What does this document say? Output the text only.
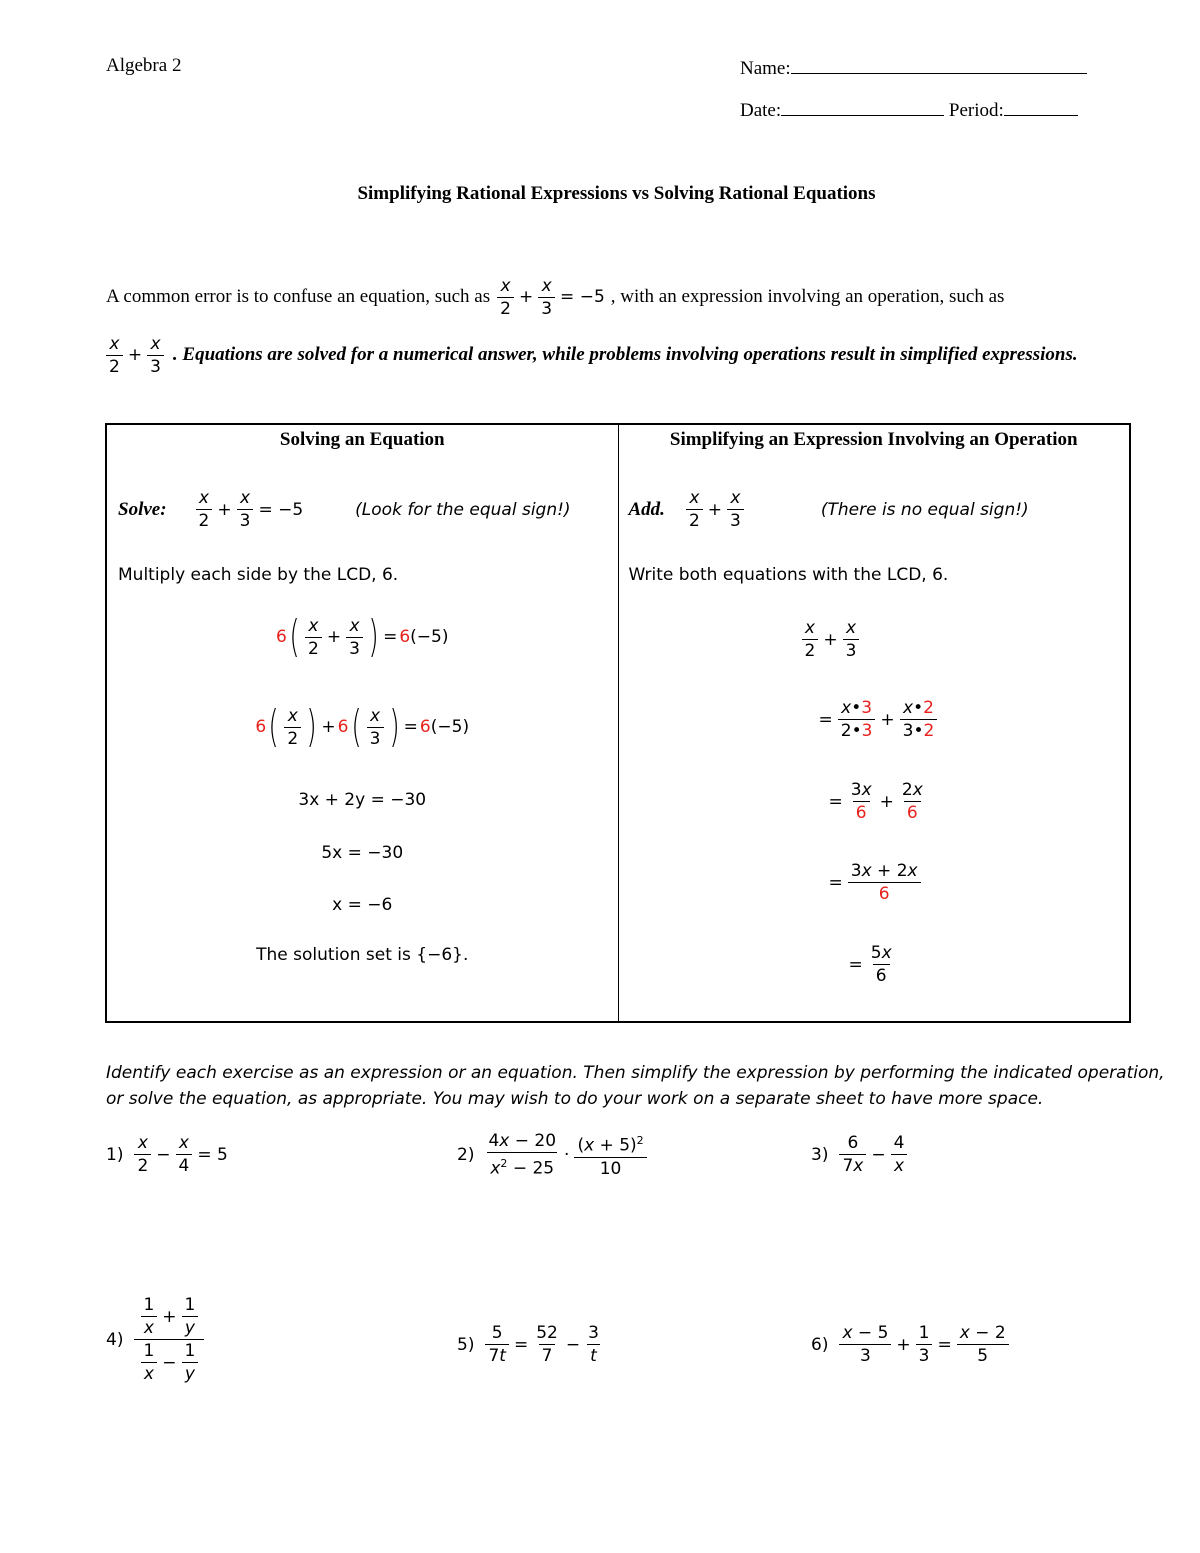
Algebra 2	Name:
Date:	Period:
Simplifying Rational Expressions vs Solving Rational Equations
A common error is to confuse an equation, such as
x
2
+ $\frac{x}{3} = -5$ , with an expression involving an operation, such as
x
2
+ $\frac{x}{3}$ . Equations are solved for a numerical answer, while problems involving operations result in simplified expressions.
Solving an Equation
Solve:
x
2
+ $\frac{x}{3} = -5$	(Look for the equal sign!)
Multiply each side by the LCD, 6.
6 ( x
2
+ $\frac{x}{3}$ ) = 6 (−5)
6 ( x
2 ) + 6 ( x
3 ) = 6 (−5)
3x + 2y = −30
5x = −30
x = −6
The solution set is {−6}.

Simplifying an Expression Involving an Operation
Add.
x
2
+ $\frac{x}{3}$	(There is no equal sign!)
Write both equations with the LCD, 6.
x
2
+ $\frac{x}{3}$
= $\frac{x•3}{2•3} + \frac{x•2}{3•2}$
= $\frac{3x}{6} + \frac{2x}{6}$
= $\frac{3x + 2x}{6}$
= $\frac{5x}{6}$
Identify each exercise as an expression or an equation. Then simplify the expression by performing the indicated operation, or solve the equation, as appropriate. You may wish to do your work on a separate sheet to have more space.
1)
x
2
− $\frac{x}{4} = 5$	2)
4x − 20
$x^2 - 25$
· $(x + 5)^2$
10
3)
6
7x
− $\frac{4}{x}$
4)
1
x
+ $\frac{1}{y}$
1
x
− $\frac{1}{y}$	$5) \frac{5}{7t} = \frac{52}{7} - \frac{3}{t}$	6)
x − 5
3
+ $\frac{1}{3} = \frac{x - 2}{5}$
